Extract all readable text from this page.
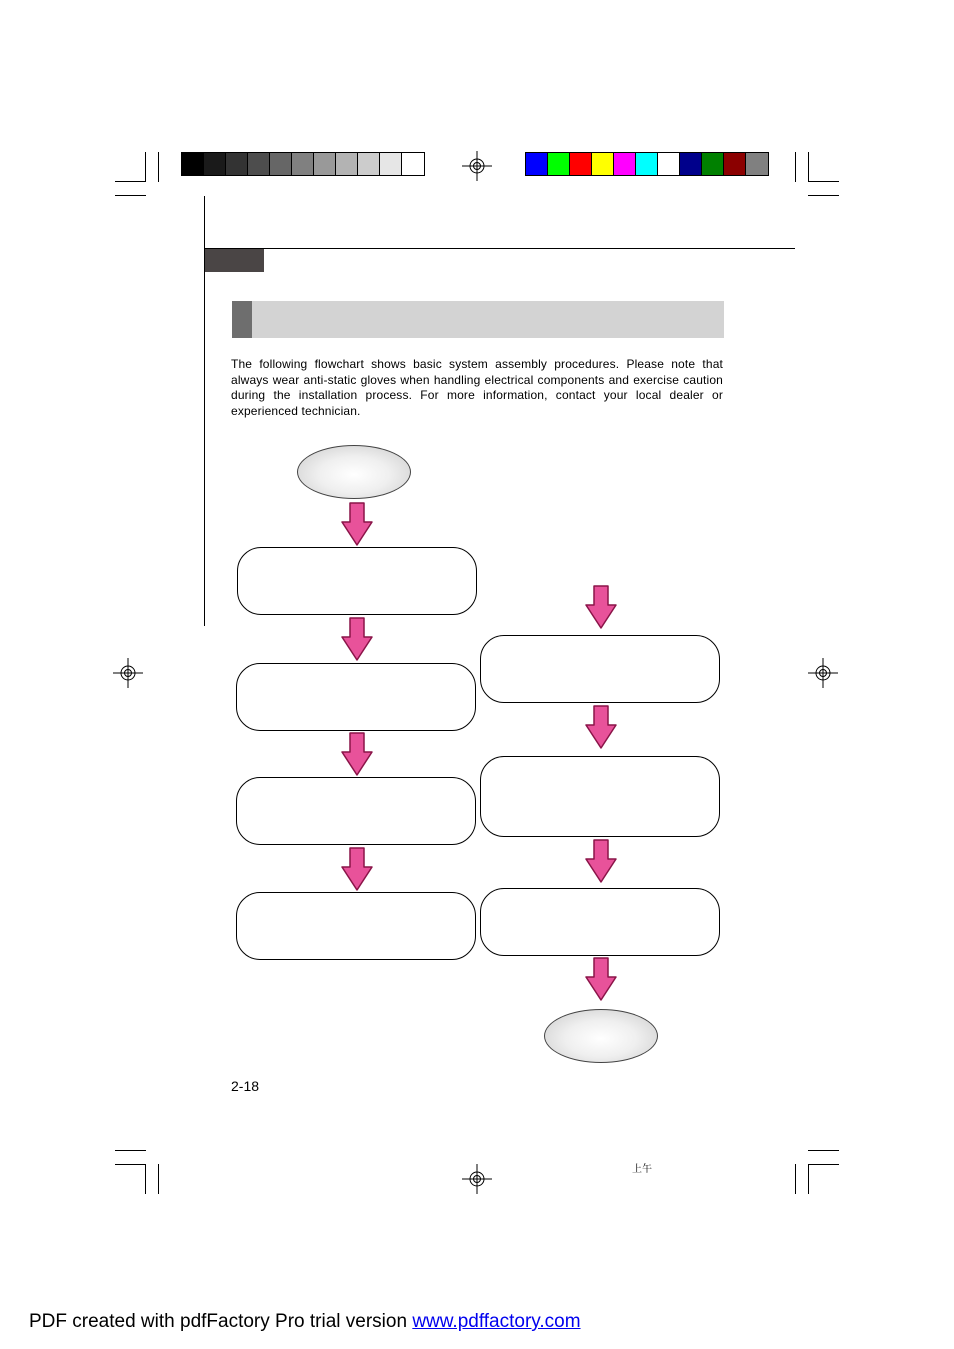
The following flowchart shows basic system assembly procedures. Please note that always wear anti-static gloves when handling electrical components and exercise caution during the installation process. For more information, contact your local dealer or experienced technician.
2-18
上午
PDF created with pdfFactory Pro trial version www.pdffactory.com
